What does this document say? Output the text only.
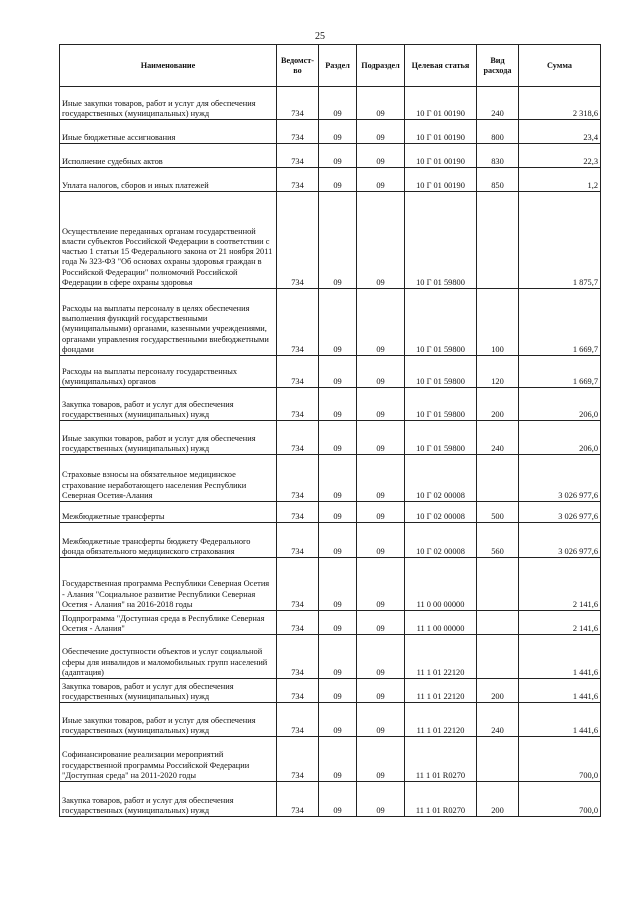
25
Наименование	Ведомст-во	Раздел	Подраздел	Целевая статья	Вид расхода	Сумма
Иные закупки товаров, работ и услуг для обеспечения государственных (муниципальных) нужд	734	09	09	10 Г 01 00190	240	2 318,6
Иные бюджетные ассигнования	734	09	09	10 Г 01 00190	800	23,4
Исполнение судебных актов	734	09	09	10 Г 01 00190	830	22,3
Уплата налогов, сборов и иных платежей	734	09	09	10 Г 01 00190	850	1,2
Осуществление переданных органам государственной власти субъектов Российской Федерации в соответствии с частью 1 статьи 15 Федерального закона от 21 ноября 2011 года № 323-ФЗ "Об основах охраны здоровья граждан в Российской Федерации" полномочий Российской Федерации в сфере охраны здоровья	734	09	09	10 Г 01 59800		1 875,7
Расходы на выплаты персоналу в целях обеспечения выполнения функций государственными (муниципальными) органами, казенными учреждениями, органами управления государственными внебюджетными фондами	734	09	09	10 Г 01 59800	100	1 669,7
Расходы на выплаты персоналу государственных (муниципальных) органов	734	09	09	10 Г 01 59800	120	1 669,7
Закупка товаров, работ и услуг для обеспечения государственных (муниципальных) нужд	734	09	09	10 Г 01 59800	200	206,0
Иные закупки товаров, работ и услуг для обеспечения государственных (муниципальных) нужд	734	09	09	10 Г 01 59800	240	206,0
Страховые взносы на обязательное медицинское страхование неработающего населения Республики Северная Осетия-Алания	734	09	09	10 Г 02 00008		3 026 977,6
Межбюджетные трансферты	734	09	09	10 Г 02 00008	500	3 026 977,6
Межбюджетные трансферты бюджету Федерального фонда обязательного медицинского страхования	734	09	09	10 Г 02 00008	560	3 026 977,6
Государственная программа Республики Северная Осетия - Алания "Социальное развитие Республики Северная Осетия - Алания" на 2016-2018 годы	734	09	09	11 0 00 00000		2 141,6
Подпрограмма "Доступная среда в Республике Северная Осетия - Алания"	734	09	09	11 1 00 00000		2 141,6
Обеспечение доступности объектов и услуг социальной сферы для инвалидов и маломобильных групп населений (адаптация)	734	09	09	11 1 01 22120		1 441,6
Закупка товаров, работ и услуг для обеспечения государственных (муниципальных) нужд	734	09	09	11 1 01 22120	200	1 441,6
Иные закупки товаров, работ и услуг для обеспечения государственных (муниципальных) нужд	734	09	09	11 1 01 22120	240	1 441,6
Софинансирование реализации мероприятий государственной программы Российской Федерации "Доступная среда" на 2011-2020 годы	734	09	09	11 1 01 R0270		700,0
Закупка товаров, работ и услуг для обеспечения государственных (муниципальных) нужд	734	09	09	11 1 01 R0270	200	700,0
